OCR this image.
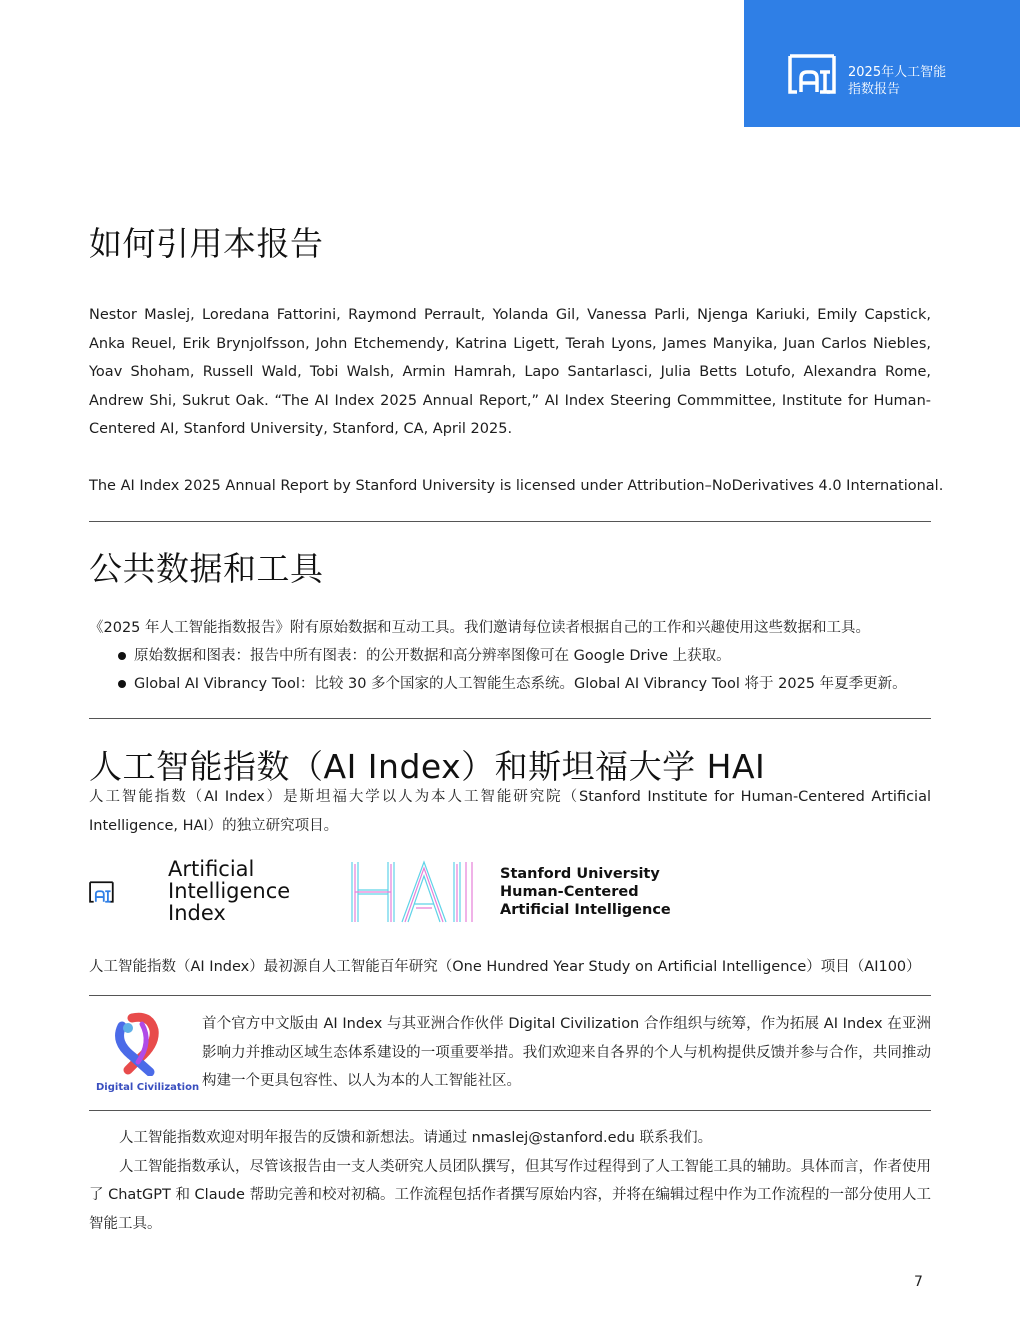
2025年人工智能
指数报告
如何引用本报告
Nestor Maslej, Loredana Fattorini, Raymond Perrault, Yolanda Gil, Vanessa Parli, Njenga Kariuki, Emily Capstick, Anka Reuel, Erik Brynjolfsson, John Etchemendy, Katrina Ligett, Terah Lyons, James Manyika, Juan Carlos Niebles, Yoav Shoham, Russell Wald, Tobi Walsh, Armin Hamrah, Lapo Santarlasci, Julia Betts Lotufo, Alexandra Rome, Andrew Shi, Sukrut Oak. “The AI Index 2025 Annual Report,” AI Index Steering Commmittee, Institute for Human-Centered AI, Stanford University, Stanford, CA, April 2025.
The AI Index 2025 Annual Report by Stanford University is licensed under Attribution–NoDerivatives 4.0 International.
公共数据和工具
《2025 年人工智能指数报告》附有原始数据和互动工具。我们邀请每位读者根据自己的工作和兴趣使用这些数据和工具。
原始数据和图表：报告中所有图表：的公开数据和高分辨率图像可在 Google Drive 上获取。
Global AI Vibrancy Tool：比较 30 多个国家的人工智能生态系统。Global AI Vibrancy Tool 将于 2025 年夏季更新。
人工智能指数（AI Index）和斯坦福大学 HAI
人工智能指数（AI Index）是斯坦福大学以人为本人工智能研究院（Stanford Institute for Human-Centered Artificial Intelligence, HAI）的独立研究项目。
Artificial
Intelligence
Index
Stanford University
Human-Centered
Artificial Intelligence
人工智能指数（AI Index）最初源自人工智能百年研究（One Hundred Year Study on Artificial Intelligence）项目（AI100）
Digital Civilization
首个官方中文版由 AI Index 与其亚洲合作伙伴 Digital Civilization 合作组织与统筹，作为拓展 AI Index 在亚洲影响力并推动区域生态体系建设的一项重要举措。我们欢迎来自各界的个人与机构提供反馈并参与合作，共同推动构建一个更具包容性、以人为本的人工智能社区。

人工智能指数欢迎对明年报告的反馈和新想法。请通过 nmaslej@stanford.edu 联系我们。

人工智能指数承认，尽管该报告由一支人类研究人员团队撰写，但其写作过程得到了人工智能工具的辅助。具体而言，作者使用了 ChatGPT 和 Claude 帮助完善和校对初稿。工作流程包括作者撰写原始内容，并将在编辑过程中作为工作流程的一部分使用人工智能工具。

7
